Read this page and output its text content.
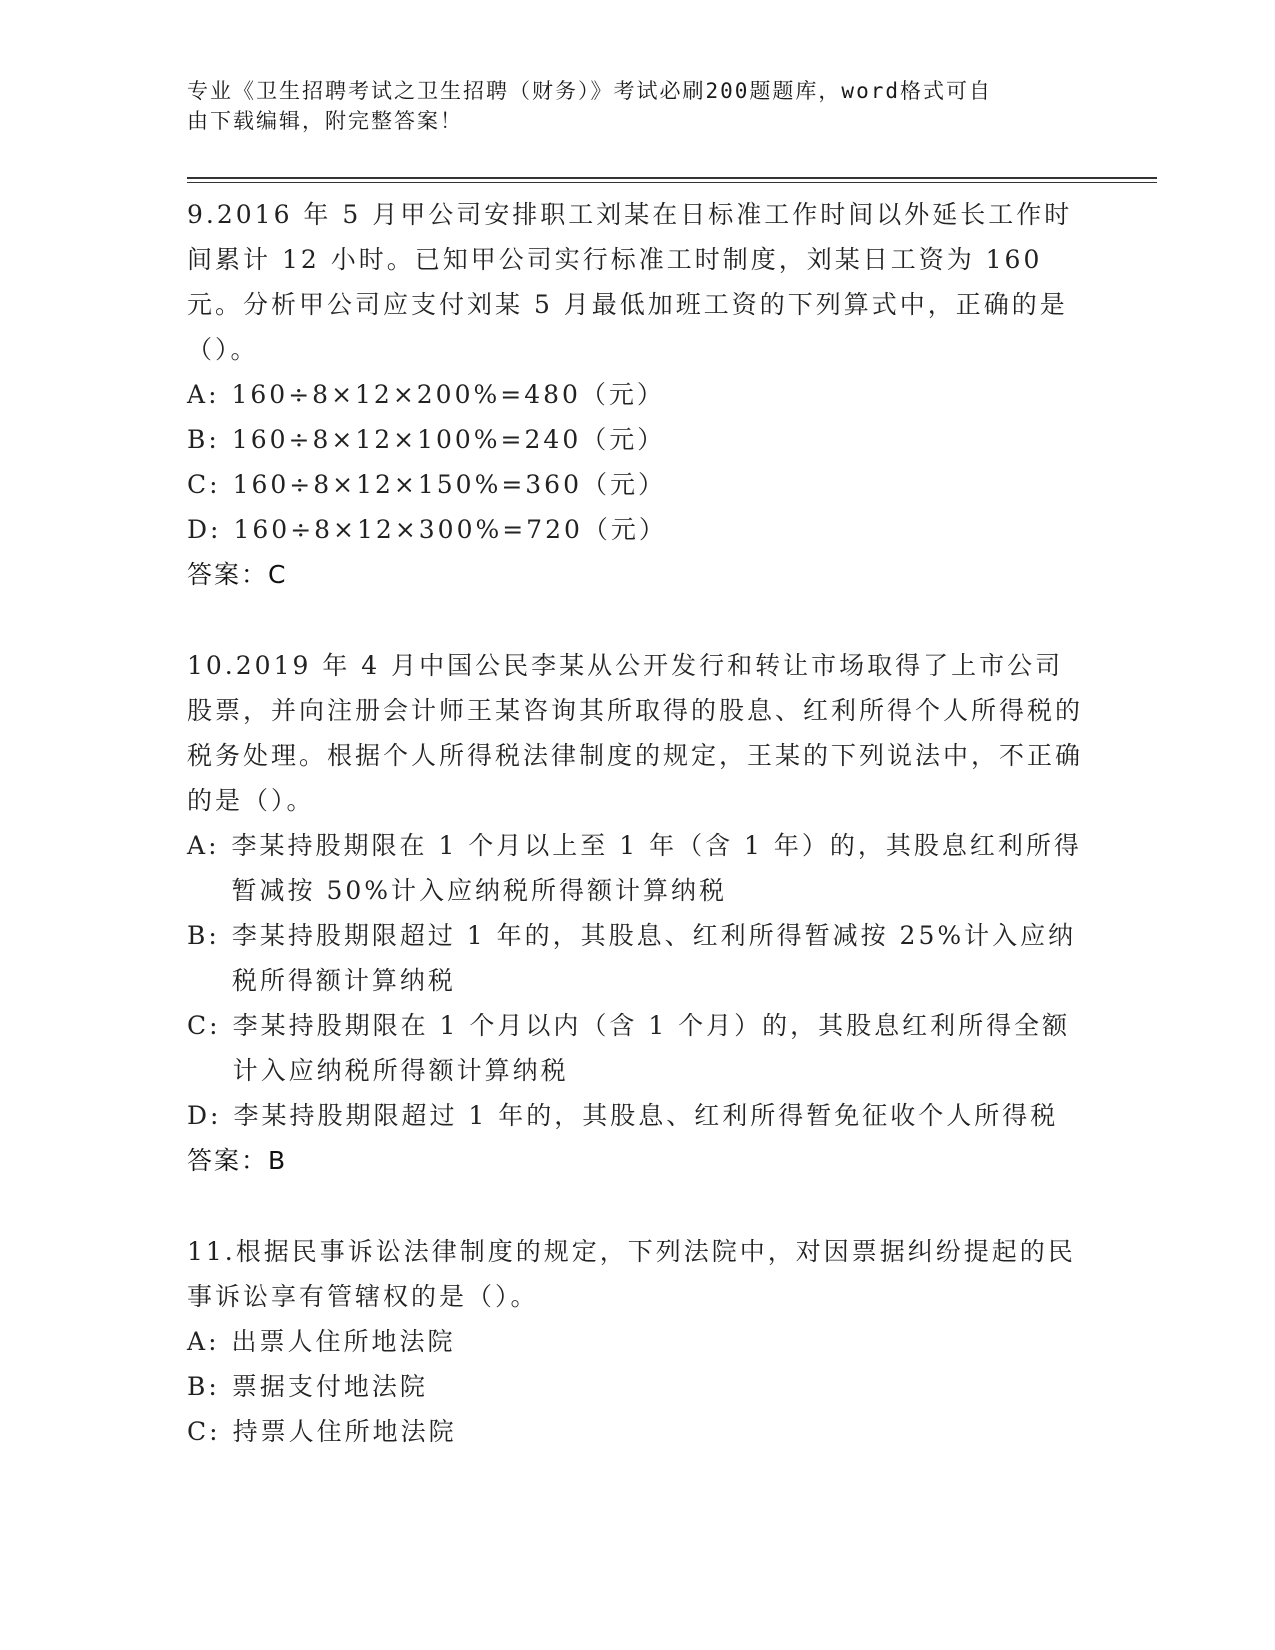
专业《卫生招聘考试之卫生招聘（财务）》考试必刷200题题库，word格式可自
由下载编辑，附完整答案！

9.2016 年 5 月甲公司安排职工刘某在日标准工作时间以外延长工作时间累计 12 小时。已知甲公司实行标准工时制度，刘某日工资为 160 元。分析甲公司应支付刘某 5 月最低加班工资的下列算式中，正确的是（）。

A : 160÷8×12×200%=480（元）
B : 160÷8×12×100%=240（元）
C : 160÷8×12×150%=360（元）
D : 160÷8×12×300%=720（元）
答案：C

10.2019 年 4 月中国公民李某从公开发行和转让市场取得了上市公司股票，并向注册会计师王某咨询其所取得的股息、红利所得个人所得税的税务处理。根据个人所得税法律制度的规定，王某的下列说法中，不正确的是（）。

A : 李某持股期限在 1 个月以上至 1 年（含 1 年）的，其股息红利所得暂减按 50%计入应纳税所得额计算纳税
B : 李某持股期限超过 1 年的，其股息、红利所得暂减按 25%计入应纳税所得额计算纳税
C : 李某持股期限在 1 个月以内（含 1 个月）的，其股息红利所得全额计入应纳税所得额计算纳税
D : 李某持股期限超过 1 年的，其股息、红利所得暂免征收个人所得税
答案：B

11.根据民事诉讼法律制度的规定，下列法院中，对因票据纠纷提起的民事诉讼享有管辖权的是（）。

A : 出票人住所地法院
B : 票据支付地法院
C : 持票人住所地法院
